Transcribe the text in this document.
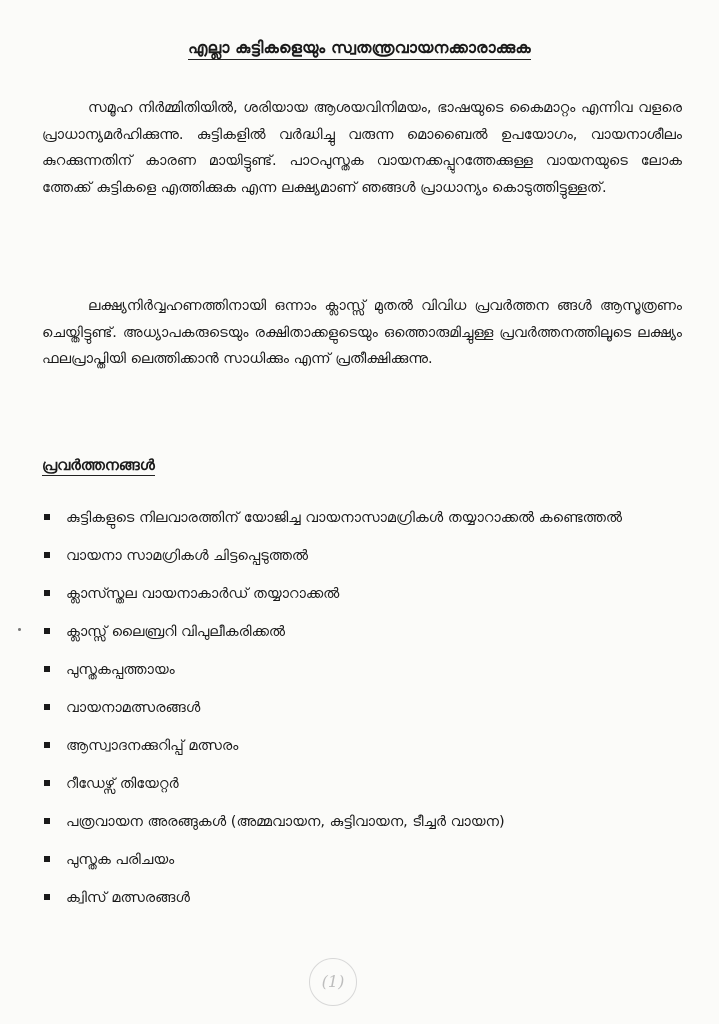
എല്ലാ കുട്ടികളെയും സ്വതന്ത്രവായനക്കാരാക്കുക

സമൂഹ നിർമ്മിതിയിൽ, ശരിയായ ആശയവിനിമയം, ഭാഷയുടെ കൈമാറ്റം എന്നിവ വളരെ പ്രാധാന്യമർഹിക്കുന്നു. കുട്ടികളിൽ വർദ്ധിച്ചു വരുന്ന മൊബൈൽ ഉപയോഗം, വായനാശീലം കുറക്കുന്നതിന് കാരണ മായിട്ടുണ്ട്. പാഠപുസ്തക വായനക്കപ്പുറത്തേക്കുള്ള വായനയുടെ ലോക ത്തേക്ക് കുട്ടികളെ എത്തിക്കുക എന്ന ലക്ഷ്യമാണ് ഞങ്ങൾ പ്രാധാന്യം കൊടുത്തിട്ടുള്ളത്.

ലക്ഷ്യനിർവ്വഹണത്തിനായി ഒന്നാം ക്ലാസ്സ് മുതൽ വിവിധ പ്രവർത്തന ങ്ങൾ ആസൂത്രണം ചെയ്തിട്ടുണ്ട്. അധ്യാപകരുടെയും രക്ഷിതാക്കളുടെയും ഒത്തൊരുമിച്ചുള്ള പ്രവർത്തനത്തിലൂടെ ലക്ഷ്യം ഫലപ്രാപ്തിയി ലെത്തിക്കാൻ സാധിക്കും എന്ന് പ്രതീക്ഷിക്കുന്നു.

പ്രവർത്തനങ്ങൾ
കുട്ടികളുടെ നിലവാരത്തിന് യോജിച്ച വായനാസാമഗ്രികൾ തയ്യാറാക്കൽ കണ്ടെത്തൽ
വായനാ സാമഗ്രികൾ ചിട്ടപ്പെടുത്തൽ
ക്ലാസ്സ്തല വായനാകാർഡ് തയ്യാറാക്കൽ
ക്ലാസ്സ് ലൈബ്രറി വിപുലീകരിക്കൽ
പുസ്തകപ്പത്തായം
വായനാമത്സരങ്ങൾ
ആസ്വാദനക്കുറിപ്പ് മത്സരം
റീഡേഴ്സ് തിയേറ്റർ
പത്രവായന അരങ്ങുകൾ (അമ്മവായന, കുട്ടിവായന, ടീച്ചർ വായന)
പുസ്തക പരിചയം
ക്വിസ് മത്സരങ്ങൾ
(1)
